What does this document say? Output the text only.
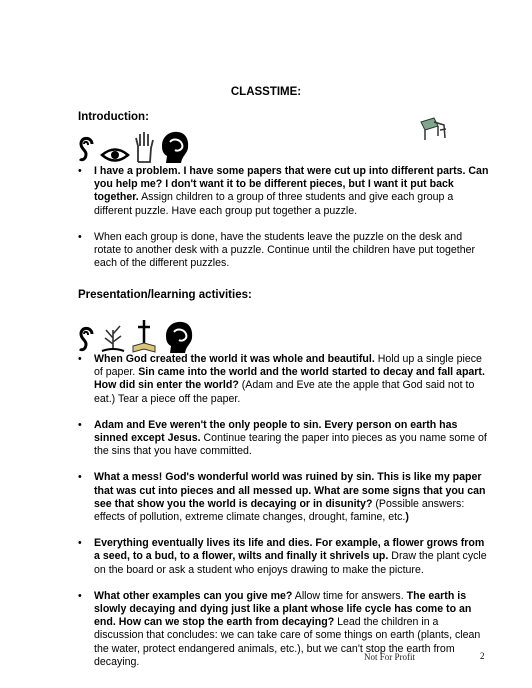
CLASSTIME:
Introduction:
• I have a problem. I have some papers that were cut up into different parts. Can you help me? I don't want it to be different pieces, but I want it put back together. Assign children to a group of three students and give each group a different puzzle. Have each group put together a puzzle.
• When each group is done, have the students leave the puzzle on the desk and rotate to another desk with a puzzle. Continue until the children have put together each of the different puzzles.
Presentation/learning activities:
• When God created the world it was whole and beautiful. Hold up a single piece of paper. Sin came into the world and the world started to decay and fall apart. How did sin enter the world? (Adam and Eve ate the apple that God said not to eat.) Tear a piece off the paper.
• Adam and Eve weren't the only people to sin. Every person on earth has sinned except Jesus. Continue tearing the paper into pieces as you name some of the sins that you have committed.
• What a mess! God's wonderful world was ruined by sin. This is like my paper that was cut into pieces and all messed up. What are some signs that you can see that show you the world is decaying or in disunity? (Possible answers: effects of pollution, extreme climate changes, drought, famine, etc.)
• Everything eventually lives its life and dies. For example, a flower grows from a seed, to a bud, to a flower, wilts and finally it shrivels up. Draw the plant cycle on the board or ask a student who enjoys drawing to make the picture.
• What other examples can you give me? Allow time for answers. The earth is slowly decaying and dying just like a plant whose life cycle has come to an end. How can we stop the earth from decaying? Lead the children in a discussion that concludes: we can take care of some things on earth (plants, clean the water, protect endangered animals, etc.), but we can't stop the earth from decaying.	Not For Profit	2
